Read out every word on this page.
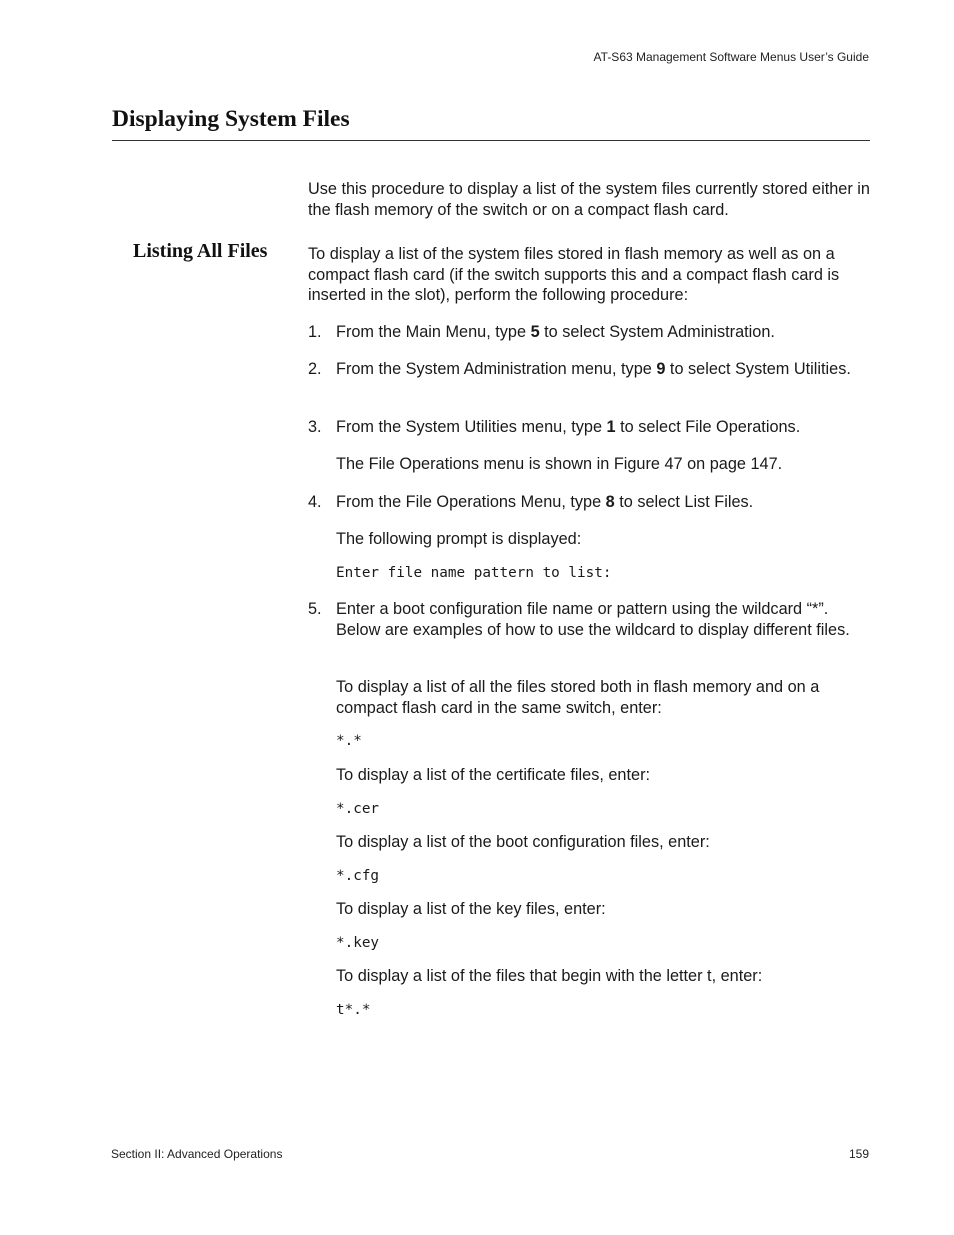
AT-S63 Management Software Menus User’s Guide
Displaying System Files
Use this procedure to display a list of the system files currently stored either in the flash memory of the switch or on a compact flash card.
Listing All Files To display a list of the system files stored in flash memory as well as on a compact flash card (if the switch supports this and a compact flash card is inserted in the slot), perform the following procedure:
1. From the Main Menu, type 5 to select System Administration.
2. From the System Administration menu, type 9 to select System Utilities.
3. From the System Utilities menu, type 1 to select File Operations.
The File Operations menu is shown in Figure 47 on page 147.
4. From the File Operations Menu, type 8 to select List Files.
The following prompt is displayed:
Enter file name pattern to list:
5. Enter a boot configuration file name or pattern using the wildcard “*”. Below are examples of how to use the wildcard to display different files.
To display a list of all the files stored both in flash memory and on a compact flash card in the same switch, enter:
*.*
To display a list of the certificate files, enter:
*.cer
To display a list of the boot configuration files, enter:
*.cfg
To display a list of the key files, enter:
*.key
To display a list of the files that begin with the letter t, enter:
t*.*
Section II: Advanced Operations	159
